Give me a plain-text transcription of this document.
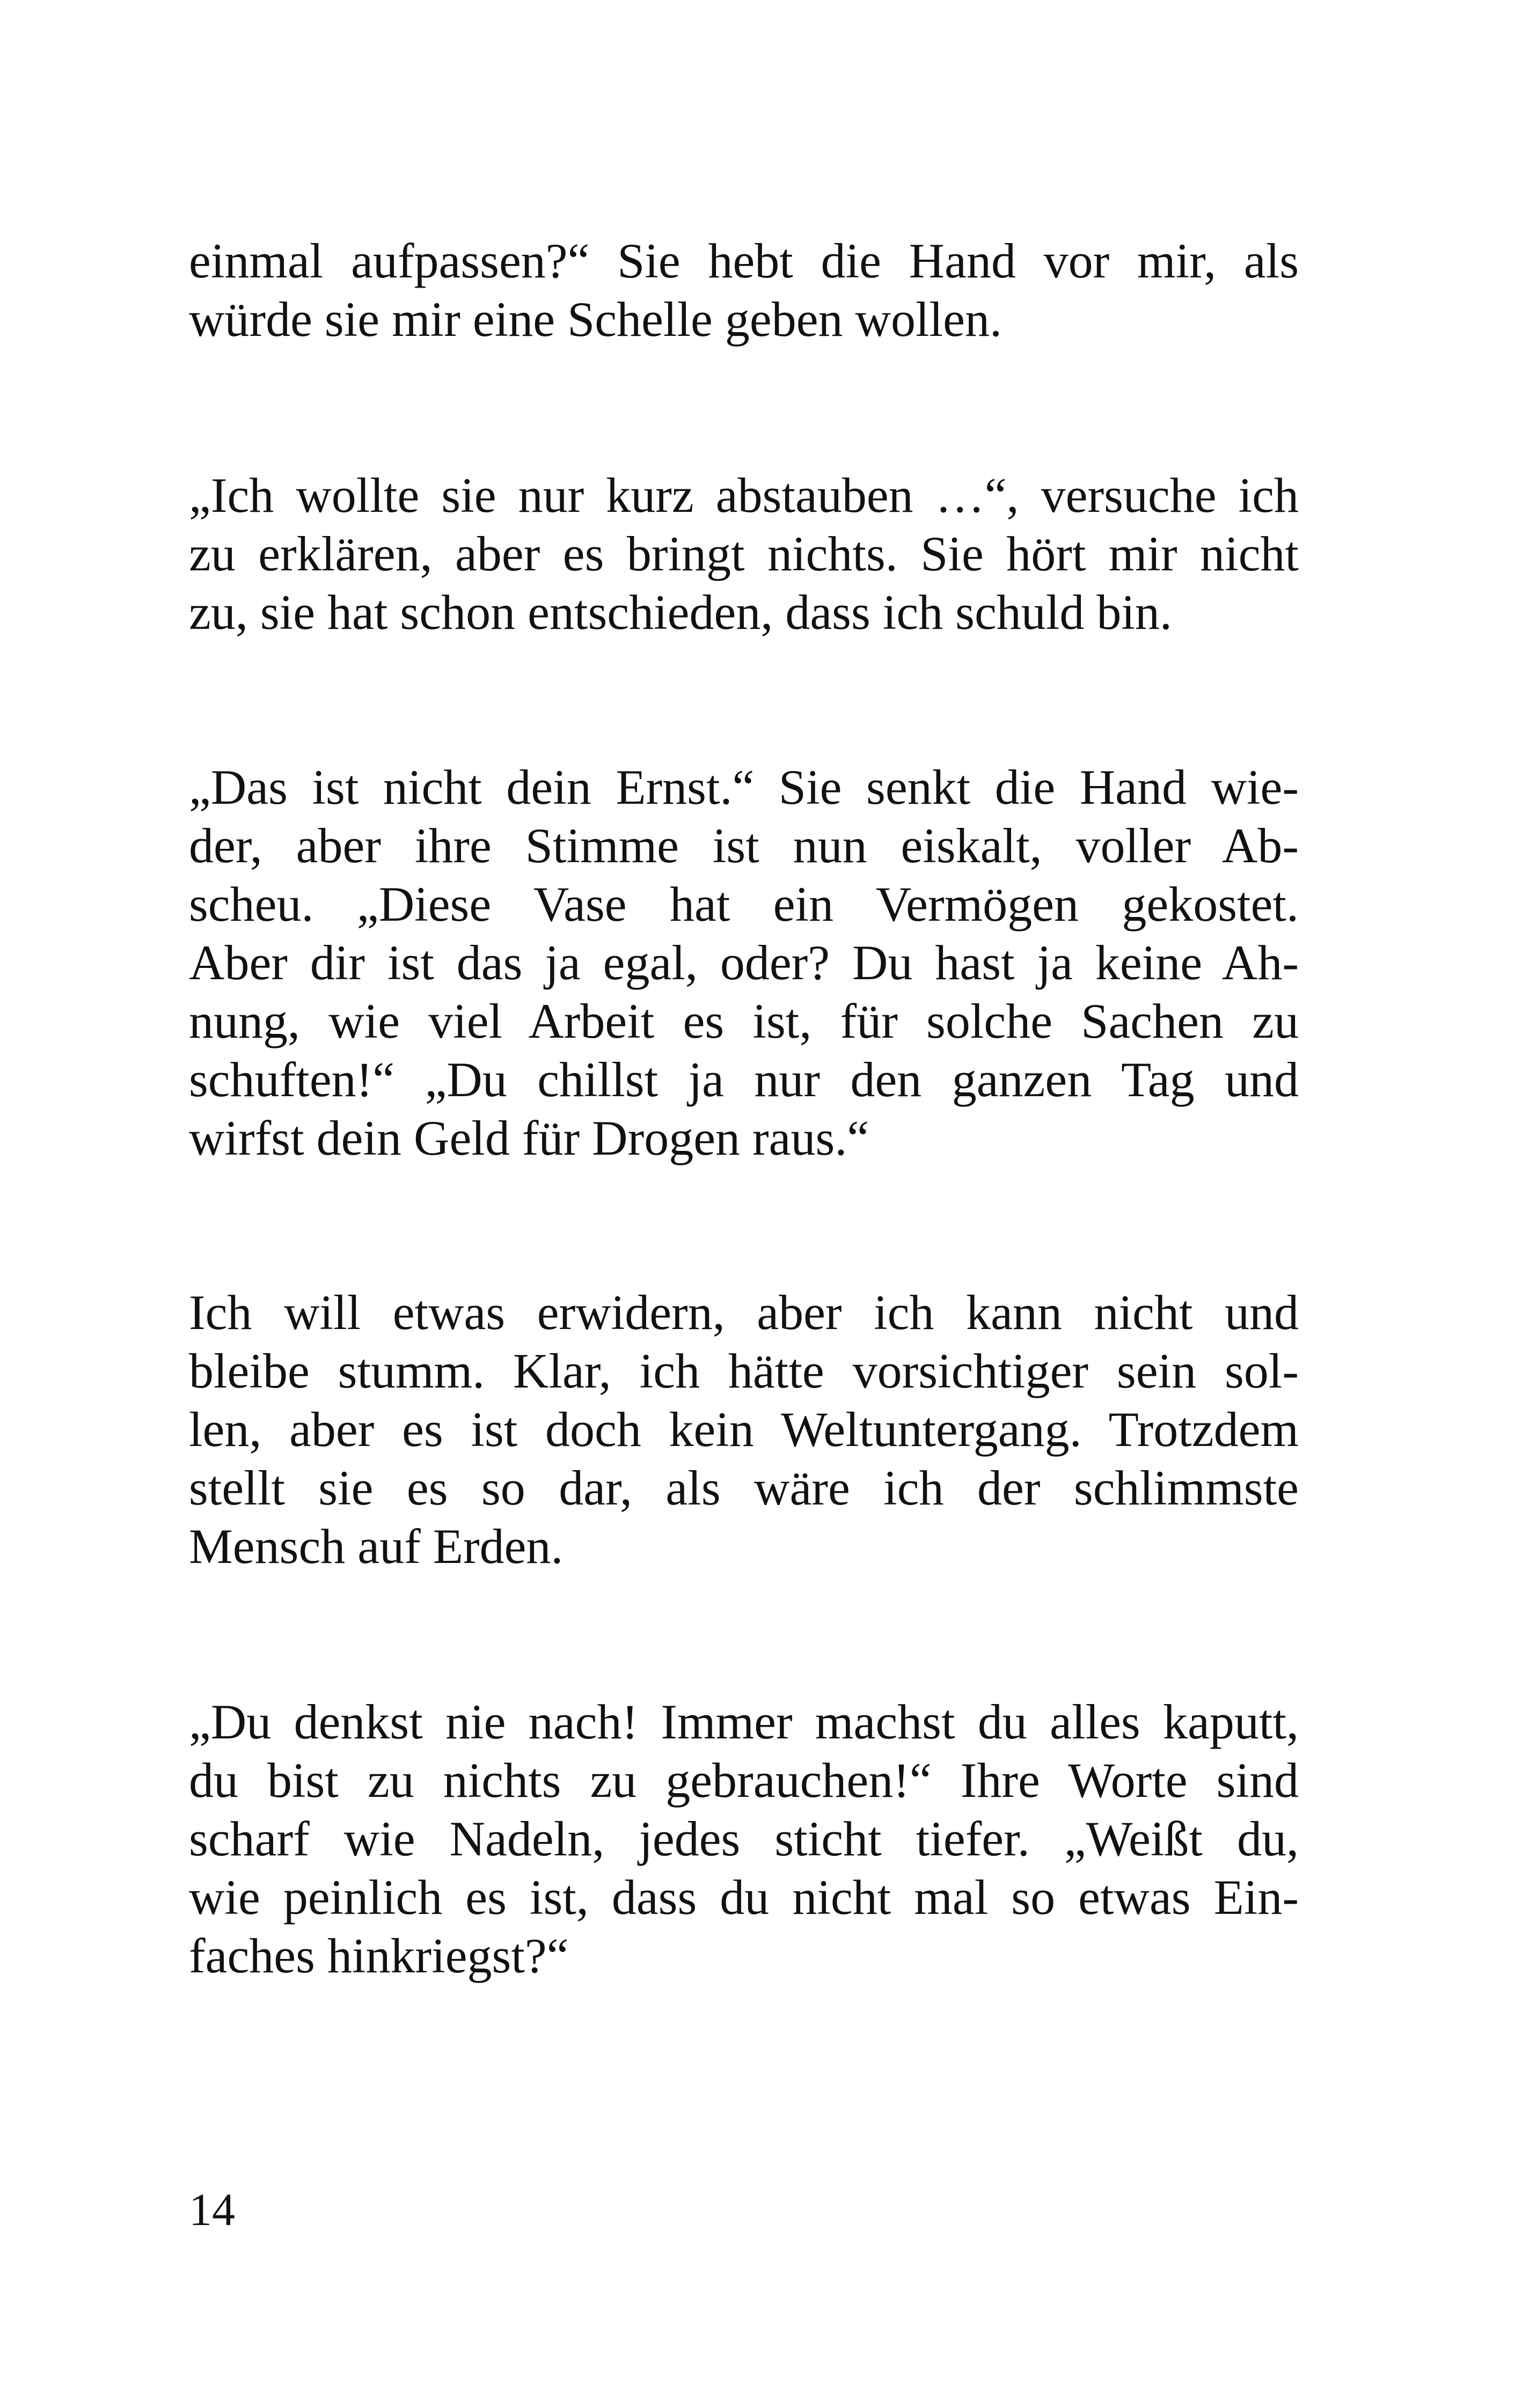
einmal aufpassen?“ Sie hebt die Hand vor mir, als
würde sie mir eine Schelle geben wollen.

„Ich wollte sie nur kurz abstauben …“, versuche ich
zu erklären, aber es bringt nichts. Sie hört mir nicht
zu, sie hat schon entschieden, dass ich schuld bin.

„Das ist nicht dein Ernst.“ Sie senkt die Hand wie-
der, aber ihre Stimme ist nun eiskalt, voller Ab-
scheu. „Diese Vase hat ein Vermögen gekostet.
Aber dir ist das ja egal, oder? Du hast ja keine Ah-
nung, wie viel Arbeit es ist, für solche Sachen zu
schuften!“ „Du chillst ja nur den ganzen Tag und
wirfst dein Geld für Drogen raus.“

Ich will etwas erwidern, aber ich kann nicht und
bleibe stumm. Klar, ich hätte vorsichtiger sein sol-
len, aber es ist doch kein Weltuntergang. Trotzdem
stellt sie es so dar, als wäre ich der schlimmste
Mensch auf Erden.

„Du denkst nie nach! Immer machst du alles kaputt,
du bist zu nichts zu gebrauchen!“ Ihre Worte sind
scharf wie Nadeln, jedes sticht tiefer. „Weißt du,
wie peinlich es ist, dass du nicht mal so etwas Ein-
faches hinkriegst?“

14
